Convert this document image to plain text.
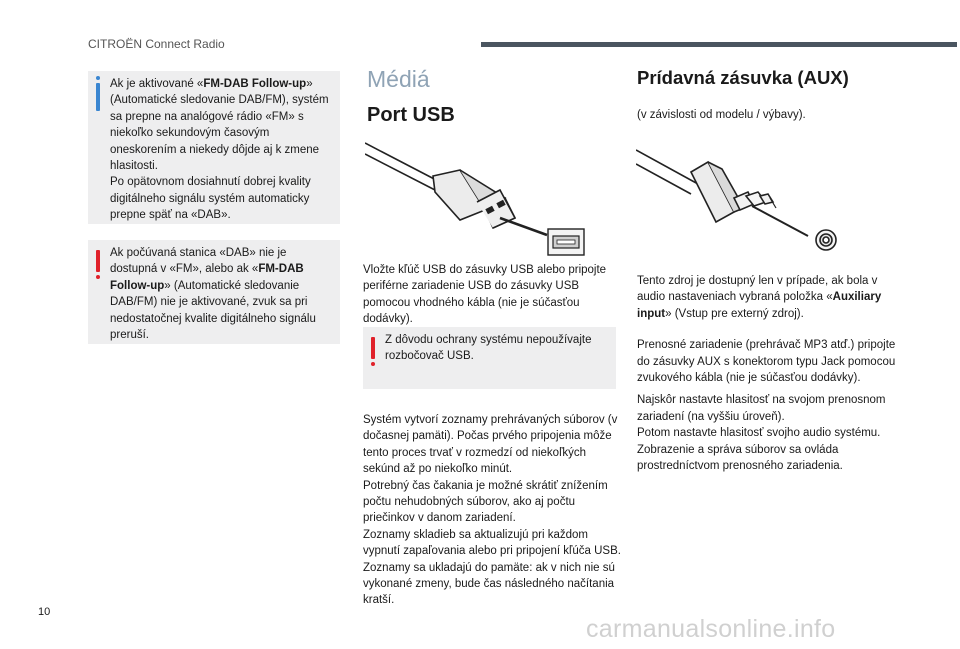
CITROËN Connect Radio

Ak je aktivované «FM-DAB Follow-up» (Automatické sledovanie DAB/FM), systém sa prepne na analógové rádio «FM» s niekoľko sekundovým časovým oneskorením a niekedy dôjde aj k zmene hlasitosti.

Po opätovnom dosiahnutí dobrej kvality digitálneho signálu systém automaticky prepne späť na «DAB».

Ak počúvaná stanica «DAB» nie je dostupná v «FM», alebo ak «FM-DAB Follow-up» (Automatické sledovanie DAB/FM) nie je aktivované, zvuk sa pri nedostatočnej kvalite digitálneho signálu preruší.

Médiá
Port USB

Vložte kľúč USB do zásuvky USB alebo pripojte periférne zariadenie USB do zásuvky USB pomocou vhodného kábla (nie je súčasťou dodávky).

Z dôvodu ochrany systému nepoužívajte rozbočovač USB.

Systém vytvorí zoznamy prehrávaných súborov (v dočasnej pamäti). Počas prvého pripojenia môže tento proces trvať v rozmedzí od niekoľkých sekúnd až po niekoľko minút.
Potrebný čas čakania je možné skrátiť znížením počtu nehudobných súborov, ako aj počtu priečinkov v danom zariadení.
Zoznamy skladieb sa aktualizujú pri každom vypnutí zapaľovania alebo pri pripojení kľúča USB. Zoznamy sa ukladajú do pamäte: ak v nich nie sú vykonané zmeny, bude čas následného načítania kratší.
Prídavná zásuvka (AUX)

(v závislosti od modelu / výbavy).

Tento zdroj je dostupný len v prípade, ak bola v audio nastaveniach vybraná položka «Auxiliary input» (Vstup pre externý zdroj).

Prenosné zariadenie (prehrávač MP3 atď.) pripojte do zásuvky AUX s konektorom typu Jack pomocou zvukového kábla (nie je súčasťou dodávky).

Najskôr nastavte hlasitosť na svojom prenosnom zariadení (na vyššiu úroveň).

Potom nastavte hlasitosť svojho audio systému.

Zobrazenie a správa súborov sa ovláda prostredníctvom prenosného zariadenia.

10
carmanualsonline.info
